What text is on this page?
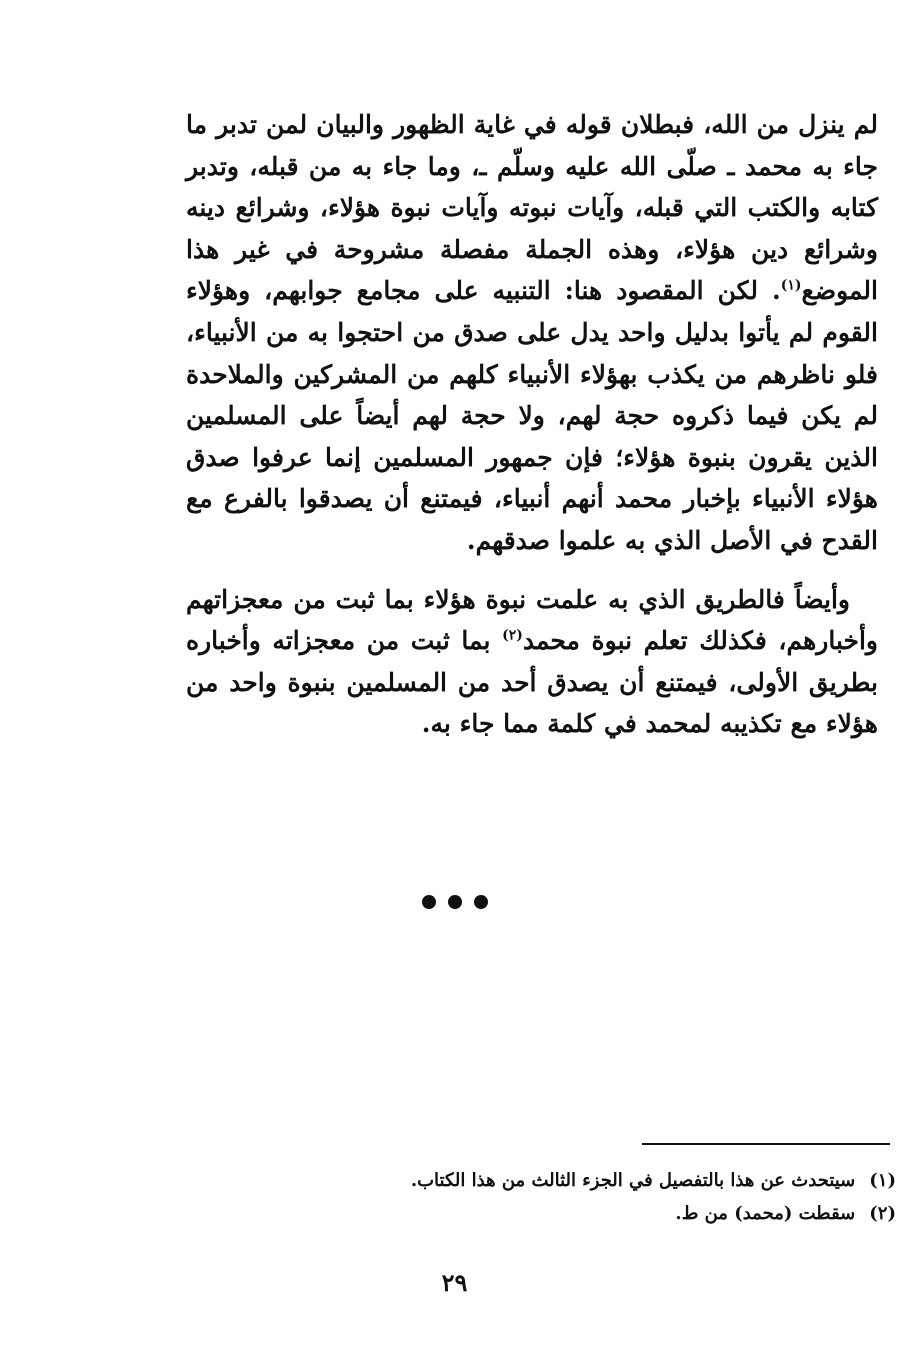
لم ينزل من الله، فبطلان قوله في غاية الظهور والبيان لمن تدبر ما جاء به محمد ـ صلّى الله عليه وسلّم ـ، وما جاء به من قبله، وتدبر كتابه والكتب التي قبله، وآيات نبوته وآيات نبوة هؤلاء، وشرائع دينه وشرائع دين هؤلاء، وهذه الجملة مفصلة مشروحة في غير هذا الموضع$^{(١)}$. لكن المقصود هنا: التنبيه على مجامع جوابهم، وهؤلاء القوم لم يأتوا بدليل واحد يدل على صدق من احتجوا به من الأنبياء، فلو ناظرهم من يكذب بهؤلاء الأنبياء كلهم من المشركين والملاحدة لم يكن فيما ذكروه حجة لهم، ولا حجة لهم أيضاً على المسلمين الذين يقرون بنبوة هؤلاء؛ فإن جمهور المسلمين إنما عرفوا صدق هؤلاء الأنبياء بإخبار محمد أنهم أنبياء، فيمتنع أن يصدقوا بالفرع مع القدح في الأصل الذي به علموا صدقهم.

وأيضاً فالطريق الذي به علمت نبوة هؤلاء بما ثبت من معجزاتهم وأخبارهم، فكذلك تعلم نبوة محمد$^{(٢)}$ بما ثبت من معجزاته وأخباره بطريق الأولى، فيمتنع أن يصدق أحد من المسلمين بنبوة واحد من هؤلاء مع تكذيبه لمحمد في كلمة مما جاء به.

(١)سيتحدث عن هذا بالتفصيل في الجزء الثالث من هذا الكتاب.

(٢)سقطت (محمد) من ط.

٢٩
